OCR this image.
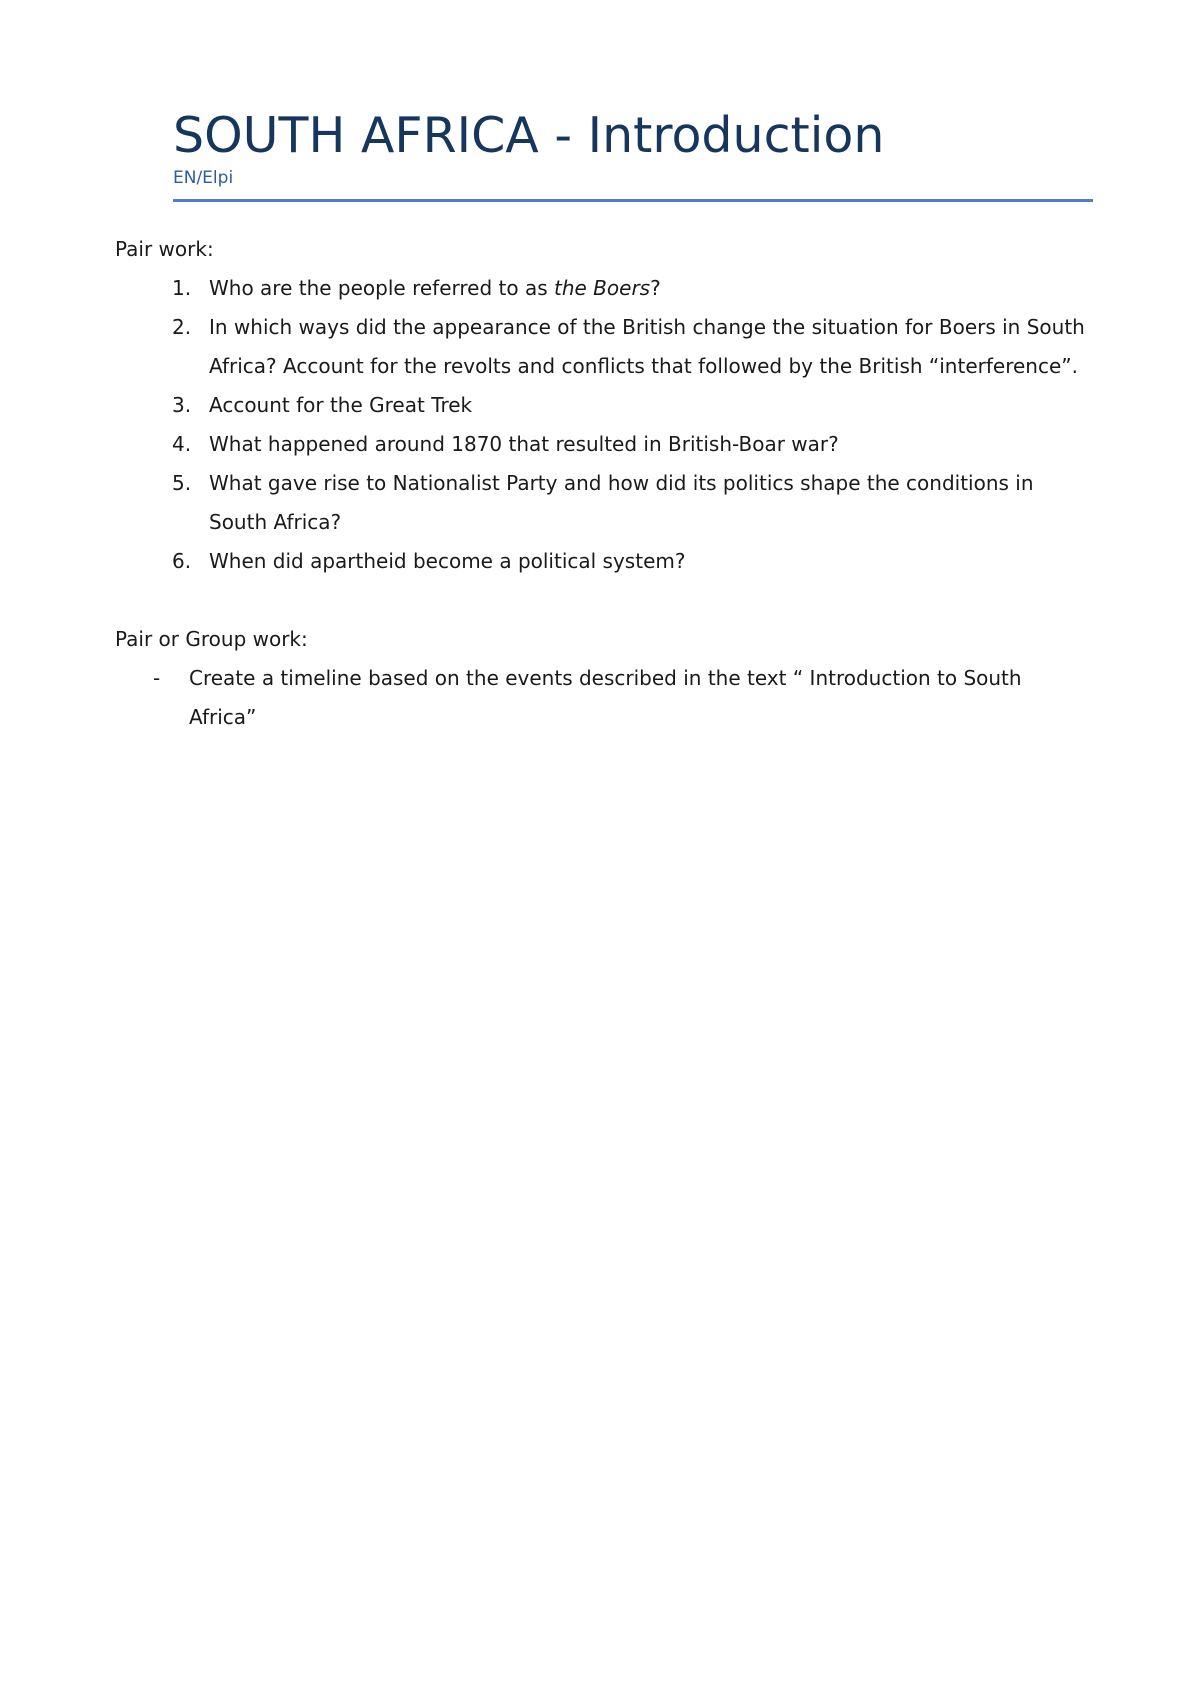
SOUTH AFRICA - Introduction
EN/Elpi

Pair work:

1. Who are the people referred to as the Boers?
2. In which ways did the appearance of the British change the situation for Boers in South Africa? Account for the revolts and conflicts that followed by the British “interference”.
3. Account for the Great Trek
4. What happened around 1870 that resulted in British-Boar war?
5. What gave rise to Nationalist Party and how did its politics shape the conditions in South Africa?
6. When did apartheid become a political system?

Pair or Group work:

- Create a timeline based on the events described in the text “ Introduction to South Africa”
